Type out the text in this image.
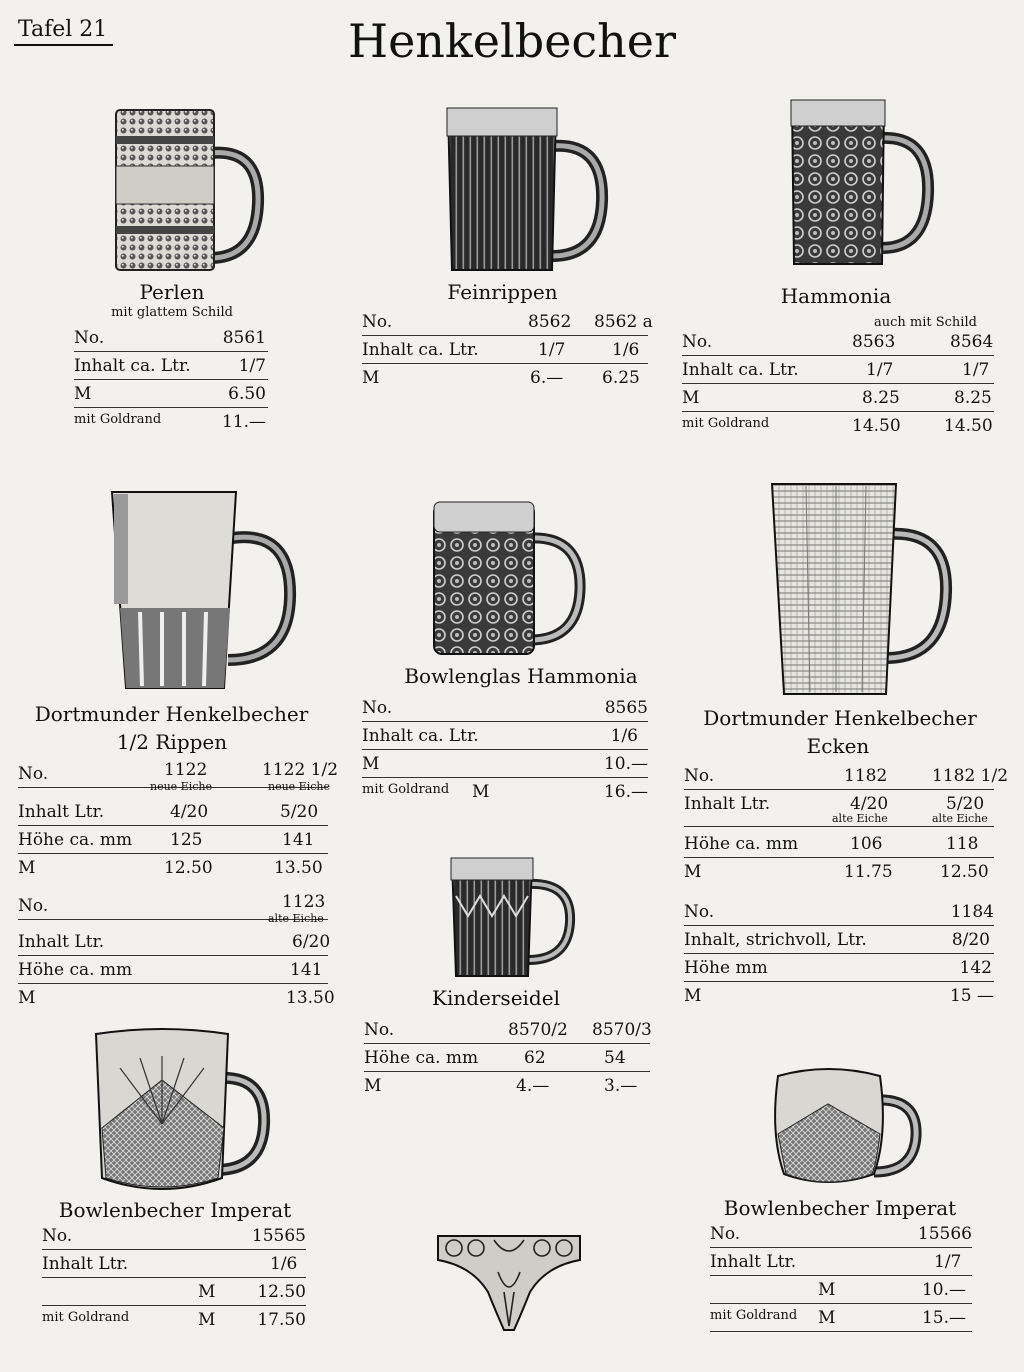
Tafel 21	Henkelbecher
Perlen
mit glattem Schild
No.	8561
Inhalt ca. Ltr.	1/7
M	6.50
mit Goldrand	11.—
Feinrippen
No.	8562 8562 a
Inhalt ca. Ltr.	1/7	1/6
M	6.— 6.25
Hammonia
auch mit Schild
No.	8563	8564
Inhalt ca. Ltr.	1/7	1/7
M	8.25	8.25
mit Goldrand	14.50	14.50
Dortmunder Henkelbecher
1/2 Rippen
No.	1122	1122 1/2
neue Eiche	neue Eiche
Inhalt Ltr.	4/20	5/20
Höhe ca. mm 125	141
M	12.50	13.50
No.	1123
alte Eiche
Inhalt Ltr.	6/20
Höhe ca. mm	141
M	13.50
Bowlenglas Hammonia
No.	8565
Inhalt ca. Ltr.	1/6
M	10.—
mit Goldrand M	16.—
Dortmunder Henkelbecher
Ecken
No.	1182	1182 1/2
Inhalt Ltr.	4/20	5/20
alte Eiche	alte Eiche
Höhe ca. mm	106	118
M	11.75	12.50
No.	1184
Inhalt, strichvoll, Ltr.	8/20
Höhe mm	142
M	15 —
Kinderseidel
No.	8570/2 8570/3
Höhe ca. mm	62	54
M	4.—	3.—
Bowlenbecher Imperat
No.	15565
Inhalt Ltr.	1/6
M 12.50
mit Goldrand	M 17.50
Bowlenbecher Imperat
No.	15566
Inhalt Ltr.	1/7
M	10.—
mit Goldrand M	15.—
